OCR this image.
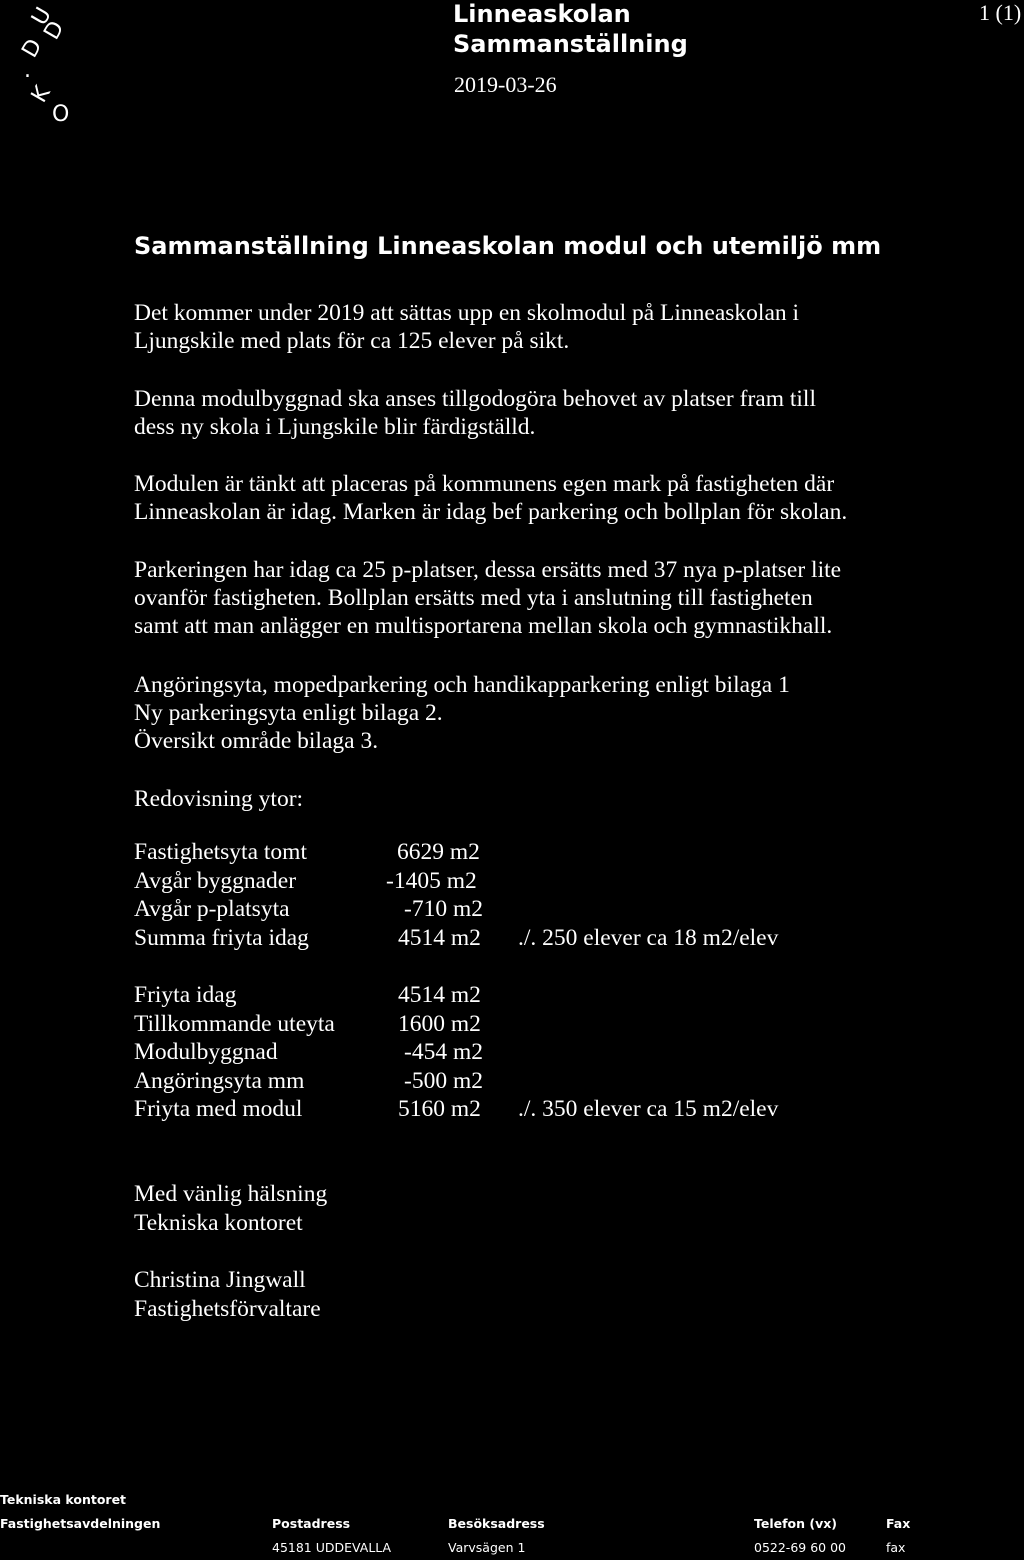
U
D
D
.
K
O
Linneaskolan
Sammanställning
2019-03-26
1 (1)
Sammanställning Linneaskolan modul och utemiljö mm
Det kommer under 2019 att sättas upp en skolmodul på Linneaskolan i
Ljungskile med plats för ca 125 elever på sikt.
Denna modulbyggnad ska anses tillgodogöra behovet av platser fram till
dess ny skola i Ljungskile blir färdigställd.
Modulen är tänkt att placeras på kommunens egen mark på fastigheten där
Linneaskolan är idag. Marken är idag bef parkering och bollplan för skolan.
Parkeringen har idag ca 25 p-platser, dessa ersätts med 37 nya p-platser lite
ovanför fastigheten. Bollplan ersätts med yta i anslutning till fastigheten
samt att man anlägger en multisportarena mellan skola och gymnastikhall.
Angöringsyta, mopedparkering och handikapparkering enligt bilaga 1
Ny parkeringsyta enligt bilaga 2.
Översikt område bilaga 3.
Redovisning ytor:
Fastighetsyta tomt
Avgår byggnader
Avgår p-platsyta
Summa friyta idag
6629 m2
-1405 m2
-710 m2
4514 m2 ./. 250 elever ca 18 m2/elev
Friyta idag
Tillkommande uteyta
Modulbyggnad
Angöringsyta mm
Friyta med modul
4514 m2
1600 m2
-454 m2
-500 m2
5160 m2 ./. 350 elever ca 15 m2/elev
Med vänlig hälsning
Tekniska kontoret
Christina Jingwall
Fastighetsförvaltare
Tekniska kontoret
Fastighetsavdelningen	Postadress
45181 UDDEVALLA
Besöksadress
Varvsägen 1
Telefon (vx)
0522-69 60 00
Fax
fax
